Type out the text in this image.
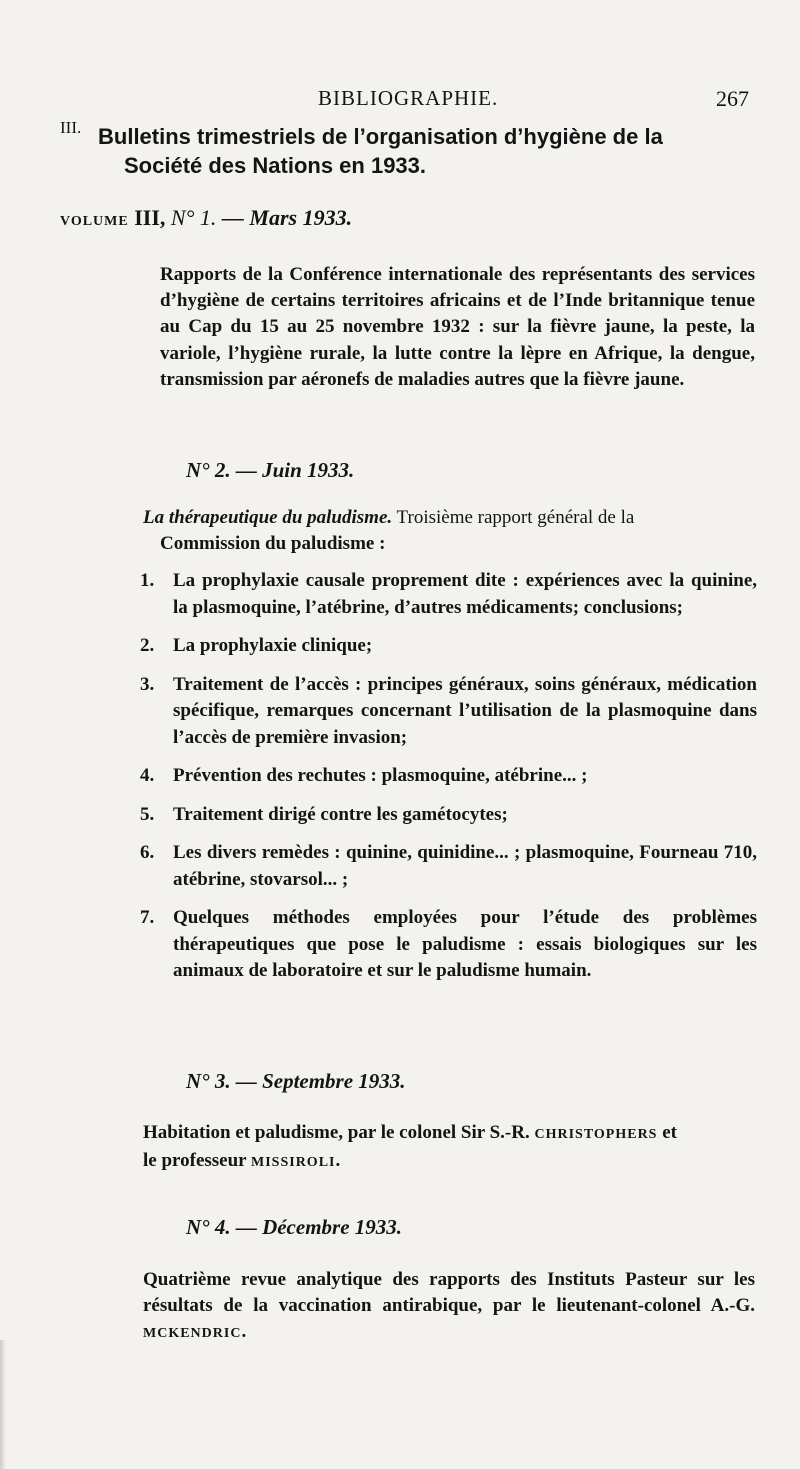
BIBLIOGRAPHIE.	267
III. Bulletins trimestriels de l’organisation d’hygiène de la
Société des Nations en 1933.
VOLUME III, N° 1. — Mars 1933.
Rapports de la Conférence internationale des représentants des services d’hygiène de certains territoires africains et de l’Inde britannique tenue au Cap du 15 au 25 novembre 1932 : sur la fièvre jaune, la peste, la variole, l’hygiène rurale, la lutte contre la lèpre en Afrique, la dengue, transmission par aéronefs de maladies autres que la fièvre jaune.
N° 2. — Juin 1933.
La thérapeutique du paludisme. Troisième rapport général de la
Commission du paludisme :
1. La prophylaxie causale proprement dite : expériences avec la quinine, la plasmoquine, l’atébrine, d’autres médicaments; conclusions;
2. La prophylaxie clinique;
3. Traitement de l’accès : principes généraux, soins généraux, médication spécifique, remarques concernant l’utilisation de la plasmoquine dans l’accès de première invasion;
4. Prévention des rechutes : plasmoquine, atébrine... ;
5. Traitement dirigé contre les gamétocytes;
6. Les divers remèdes : quinine, quinidine... ; plasmoquine, Fourneau 710, atébrine, stovarsol... ;
7. Quelques méthodes employées pour l’étude des problèmes thérapeutiques que pose le paludisme : essais biologiques sur les animaux de laboratoire et sur le paludisme humain.
N° 3. — Septembre 1933.
Habitation et paludisme, par le colonel Sir S.-R. CHRISTOPHERS et
le professeur MISSIROLI.
N° 4. — Décembre 1933.
Quatrième revue analytique des rapports des Instituts Pasteur sur les résultats de la vaccination antirabique, par le lieutenant-colonel A.-G. MCKENDRIC.
